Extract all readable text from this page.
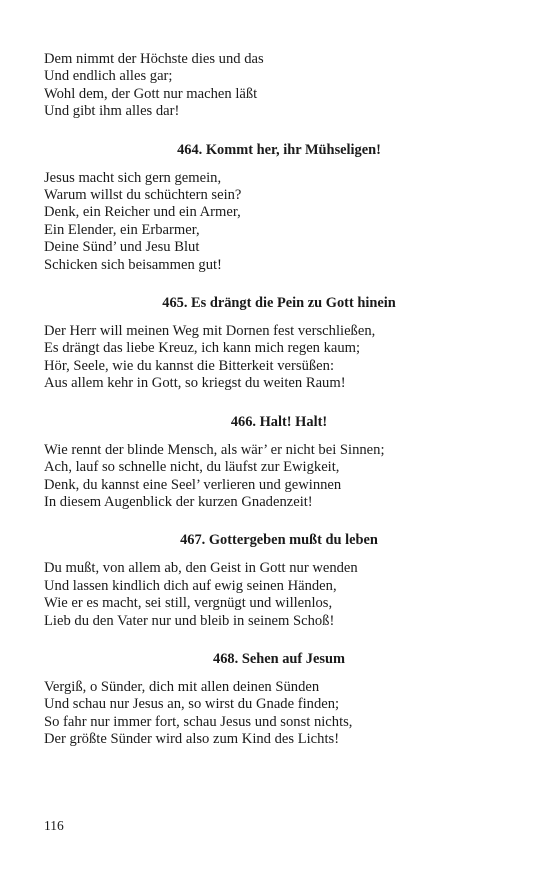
Dem nimmt der Höchste dies und das
Und endlich alles gar;
Wohl dem, der Gott nur machen läßt
Und gibt ihm alles dar!
464. Kommt her, ihr Mühseligen!
Jesus macht sich gern gemein,
Warum willst du schüchtern sein?
Denk, ein Reicher und ein Armer,
Ein Elender, ein Erbarmer,
Deine Sünd’ und Jesu Blut
Schicken sich beisammen gut!
465. Es drängt die Pein zu Gott hinein
Der Herr will meinen Weg mit Dornen fest verschließen,
Es drängt das liebe Kreuz, ich kann mich regen kaum;
Hör, Seele, wie du kannst die Bitterkeit versüßen:
Aus allem kehr in Gott, so kriegst du weiten Raum!
466. Halt! Halt!
Wie rennt der blinde Mensch, als wär’ er nicht bei Sinnen;
Ach, lauf so schnelle nicht, du läufst zur Ewigkeit,
Denk, du kannst eine Seel’ verlieren und gewinnen
In diesem Augenblick der kurzen Gnadenzeit!
467. Gottergeben mußt du leben
Du mußt, von allem ab, den Geist in Gott nur wenden
Und lassen kindlich dich auf ewig seinen Händen,
Wie er es macht, sei still, vergnügt und willenlos,
Lieb du den Vater nur und bleib in seinem Schoß!
468. Sehen auf Jesum
Vergiß, o Sünder, dich mit allen deinen Sünden
Und schau nur Jesus an, so wirst du Gnade finden;
So fahr nur immer fort, schau Jesus und sonst nichts,
Der größte Sünder wird also zum Kind des Lichts!
116
